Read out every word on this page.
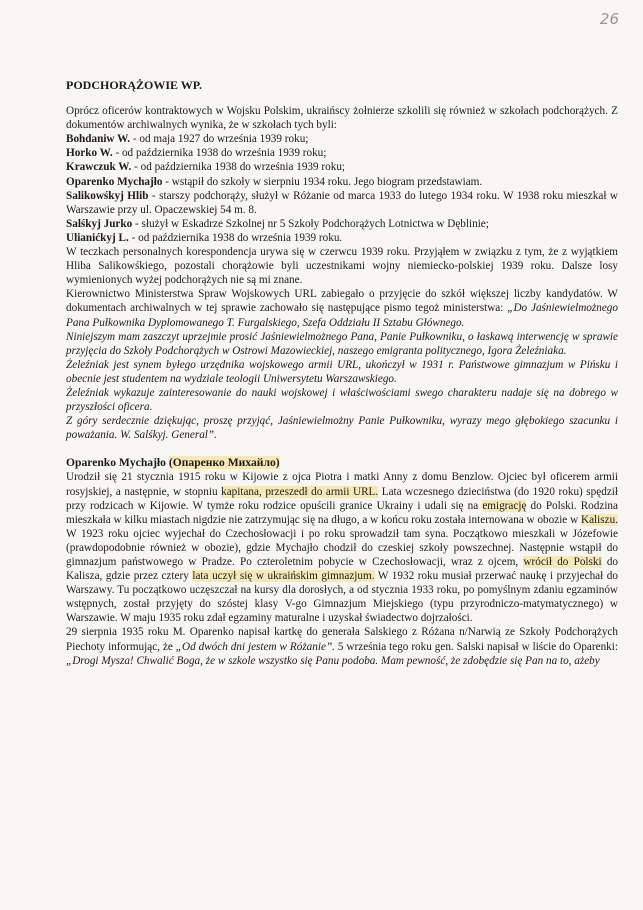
26
PODCHORĄŻOWIE WP.

Oprócz oficerów kontraktowych w Wojsku Polskim, ukraińscy żołnierze szkolili się również w szkołach podchorążych. Z dokumentów archiwalnych wynika, że w szkołach tych byli:

Bohdaniw W. - od maja 1927 do września 1939 roku;

Horko W. - od października 1938 do września 1939 roku;

Krawczuk W. - od października 1938 do września 1939 roku;

Oparenko Mychajło - wstąpił do szkoły w sierpniu 1934 roku. Jego biogram przedstawiam.

Salikowśkyj Hlib - starszy podchorąży, służył w Różanie od marca 1933 do lutego 1934 roku. W 1938 roku mieszkał w Warszawie przy ul. Opaczewskiej 54 m. 8.

Salśkyj Jurko - służył w Eskadrze Szkolnej nr 5 Szkoły Podchorążych Lotnictwa w Dęblinie;

Ulianićkyj L. - od października 1938 do września 1939 roku.

W teczkach personalnych korespondencja urywa się w czerwcu 1939 roku. Przyjąłem w związku z tym, że z wyjątkiem Hliba Salikowśkiego, pozostali chorążowie byli uczestnikami wojny niemiecko-polskiej 1939 roku. Dalsze losy wymienionych wyżej podchorążych nie są mi znane.

Kierownictwo Ministerstwa Spraw Wojskowych URL zabiegało o przyjęcie do szkół większej liczby kandydatów. W dokumentach archiwalnych w tej sprawie zachowało się następujące pismo tegoż ministerstwa: „Do Jaśniewielmożnego Pana Pułkownika Dyplomowanego T. Furgalskiego, Szefa Oddziału II Sztabu Głównego.

Niniejszym mam zaszczyt uprzejmie prosić Jaśniewielmożnego Pana, Panie Pułkowniku, o łaskawą interwencję w sprawie przyjęcia do Szkoły Podchorążych w Ostrowi Mazowieckiej, naszego emigranta politycznego, Igora Żeleźniaka.

Żeleźniak jest synem byłego urzędnika wojskowego armii URL, ukończył w 1931 r. Państwowe gimnazjum w Pińsku i obecnie jest studentem na wydziale teologii Uniwersytetu Warszawskiego.

Żeleźniak wykazuje zainteresowanie do nauki wojskowej i właściwościami swego charakteru nadaje się na dobrego w przyszłości oficera.

Z góry serdecznie dziękując, proszę przyjąć, Jaśniewielmożny Panie Pułkowniku, wyrazy mego głębokiego szacunku i poważania. W. Salśkyj. General”.

Oparenko Mychajło (Опаренко Михайло)

Urodził się 21 stycznia 1915 roku w Kijowie z ojca Piotra i matki Anny z domu Benzlow. Ojciec był oficerem armii rosyjskiej, a następnie, w stopniu kapitana, przeszedł do armii URL. Lata wczesnego dzieciństwa (do 1920 roku) spędził przy rodzicach w Kijowie. W tymże roku rodzice opuścili granice Ukrainy i udali się na emigrację do Polski. Rodzina mieszkała w kilku miastach nigdzie nie zatrzymując się na długo, a w końcu roku została internowana w obozie w Kaliszu. W 1923 roku ojciec wyjechał do Czechosłowacji i po roku sprowadził tam syna. Początkowo mieszkali w Józefowie (prawdopodobnie również w obozie), gdzie Mychajło chodził do czeskiej szkoły powszechnej. Następnie wstąpił do gimnazjum państwowego w Pradze. Po czteroletnim pobycie w Czechosłowacji, wraz z ojcem, wrócił do Polski do Kalisza, gdzie przez cztery lata uczył się w ukraińskim gimnazjum. W 1932 roku musiał przerwać naukę i przyjechał do Warszawy. Tu początkowo uczęszczał na kursy dla dorosłych, a od stycznia 1933 roku, po pomyślnym zdaniu egzaminów wstępnych, został przyjęty do szóstej klasy V-go Gimnazjum Miejskiego (typu przyrodniczo-matymatycznego) w Warszawie. W maju 1935 roku zdał egzaminy maturalne i uzyskał świadectwo dojrzałości.

29 sierpnia 1935 roku M. Oparenko napisał kartkę do generała Salskiego z Różana n/Narwią ze Szkoły Podchorążych Piechoty informując, że „Od dwóch dni jestem w Różanie”. 5 września tego roku gen. Salski napisał w liście do Oparenki: „Drogi Mysza! Chwalić Boga, że w szkole wszystko się Panu podoba. Mam pewność, że zdobędzie się Pan na to, ażeby
